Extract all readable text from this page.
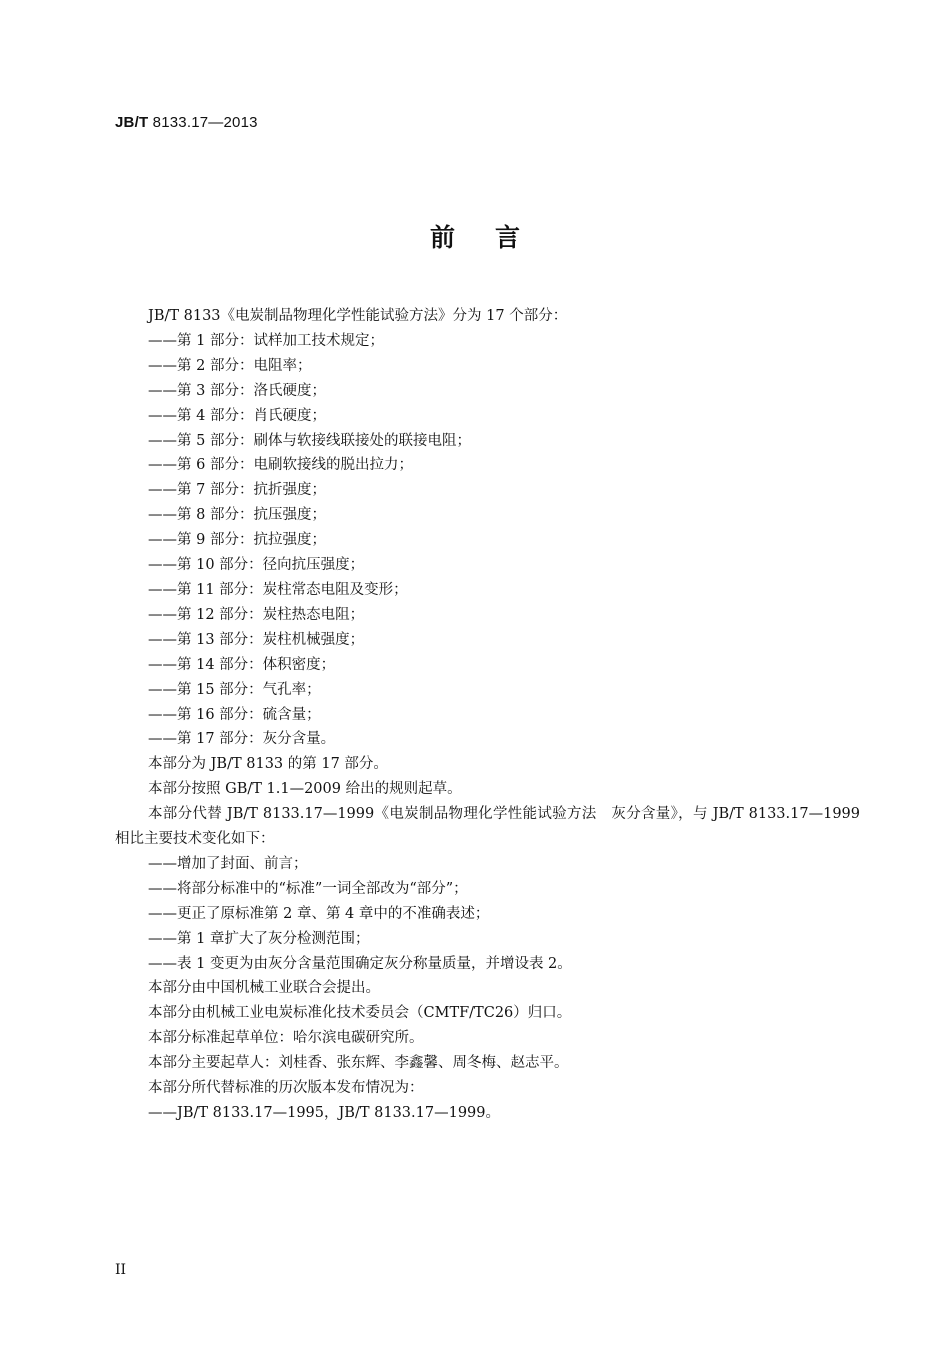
JB/T 8133.17—2013
前言

JB/T 8133《电炭制品物理化学性能试验方法》分为 17 个部分：

——第 1 部分：试样加工技术规定；

——第 2 部分：电阻率；

——第 3 部分：洛氏硬度；

——第 4 部分：肖氏硬度；

——第 5 部分：刷体与软接线联接处的联接电阻；

——第 6 部分：电刷软接线的脱出拉力；

——第 7 部分：抗折强度；

——第 8 部分：抗压强度；

——第 9 部分：抗拉强度；

——第 10 部分：径向抗压强度；

——第 11 部分：炭柱常态电阻及变形；

——第 12 部分：炭柱热态电阻；

——第 13 部分：炭柱机械强度；

——第 14 部分：体积密度；

——第 15 部分：气孔率；

——第 16 部分：硫含量；

——第 17 部分：灰分含量。

本部分为 JB/T 8133 的第 17 部分。

本部分按照 GB/T 1.1—2009 给出的规则起草。

本部分代替 JB/T 8133.17—1999《电炭制品物理化学性能试验方法　灰分含量》，与 JB/T 8133.17—1999 相比主要技术变化如下：

——增加了封面、前言；

——将部分标准中的“标准”一词全部改为“部分”；

——更正了原标准第 2 章、第 4 章中的不准确表述；

——第 1 章扩大了灰分检测范围；

——表 1 变更为由灰分含量范围确定灰分称量质量，并增设表 2。

本部分由中国机械工业联合会提出。

本部分由机械工业电炭标准化技术委员会（CMTF/TC26）归口。

本部分标准起草单位：哈尔滨电碳研究所。

本部分主要起草人：刘桂香、张东辉、李鑫馨、周冬梅、赵志平。

本部分所代替标准的历次版本发布情况为：

——JB/T 8133.17—1995，JB/T 8133.17—1999。

II
